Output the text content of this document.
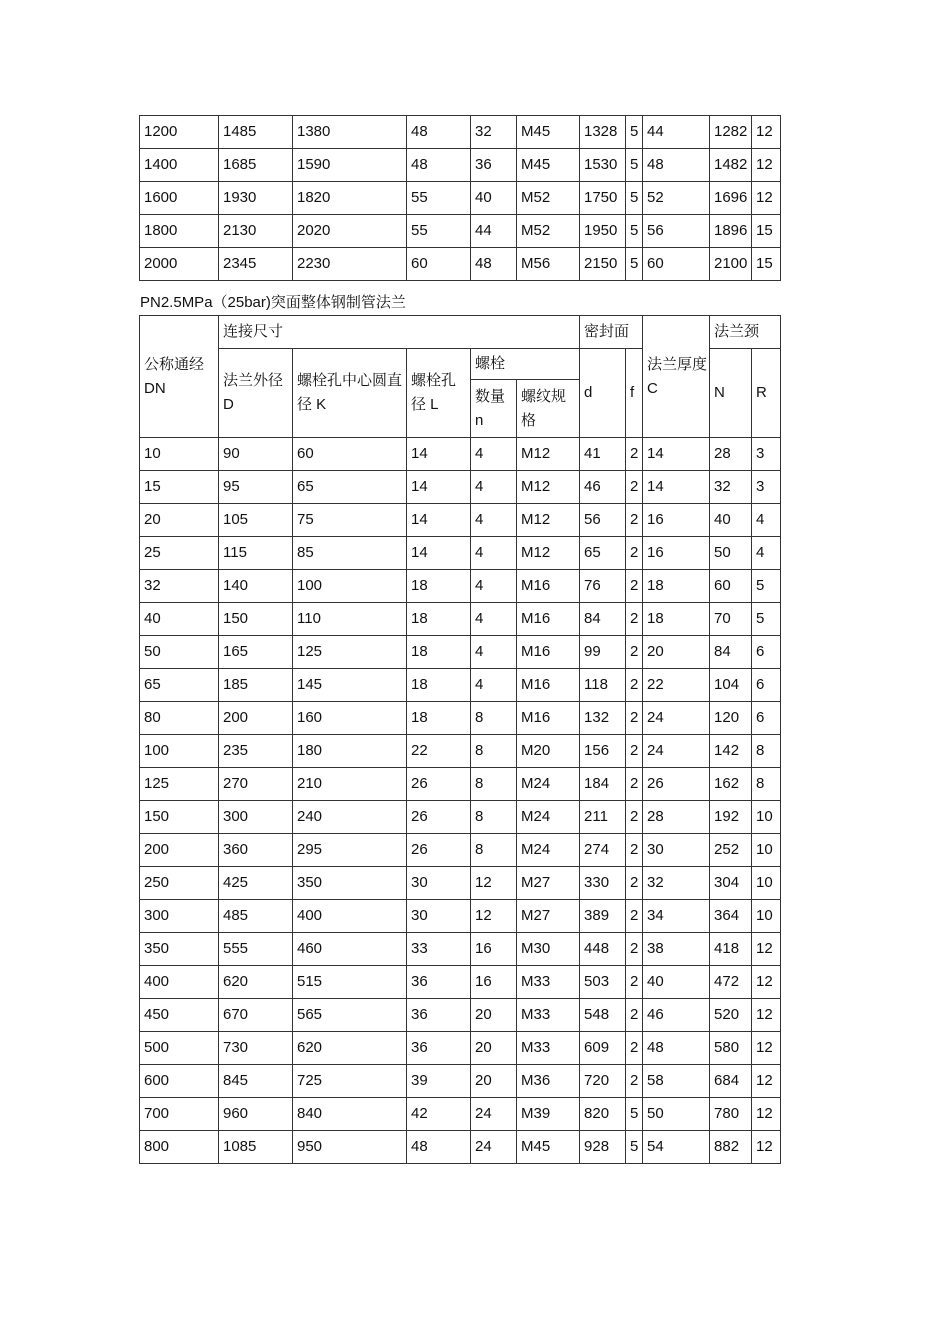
1200	1485	1380	48	32	M45	1328	5	44	1282	12
1400	1685	1590	48	36	M45	1530	5	48	1482	12
1600	1930	1820	55	40	M52	1750	5	52	1696	12
1800	2130	2020	55	44	M52	1950	5	56	1896	15
2000	2345	2230	60	48	M56	2150	5	60	2100	15
PN2.5MPa（25bar)突面整体钢制管法兰
公称通经 DN	连接尺寸					密封面		法兰厚度 C	法兰颈	
	法兰外径 D	螺栓孔中心圆直径 K	螺栓孔径 L	螺栓		d	f		N	R
				数量 n	螺纹规格					
10	90	60	14	4	M12	41	2	14	28	3
15	95	65	14	4	M12	46	2	14	32	3
20	105	75	14	4	M12	56	2	16	40	4
25	115	85	14	4	M12	65	2	16	50	4
32	140	100	18	4	M16	76	2	18	60	5
40	150	110	18	4	M16	84	2	18	70	5
50	165	125	18	4	M16	99	2	20	84	6
65	185	145	18	4	M16	118	2	22	104	6
80	200	160	18	8	M16	132	2	24	120	6
100	235	180	22	8	M20	156	2	24	142	8
125	270	210	26	8	M24	184	2	26	162	8
150	300	240	26	8	M24	211	2	28	192	10
200	360	295	26	8	M24	274	2	30	252	10
250	425	350	30	12	M27	330	2	32	304	10
300	485	400	30	12	M27	389	2	34	364	10
350	555	460	33	16	M30	448	2	38	418	12
400	620	515	36	16	M33	503	2	40	472	12
450	670	565	36	20	M33	548	2	46	520	12
500	730	620	36	20	M33	609	2	48	580	12
600	845	725	39	20	M36	720	2	58	684	12
700	960	840	42	24	M39	820	5	50	780	12
800	1085	950	48	24	M45	928	5	54	882	12
